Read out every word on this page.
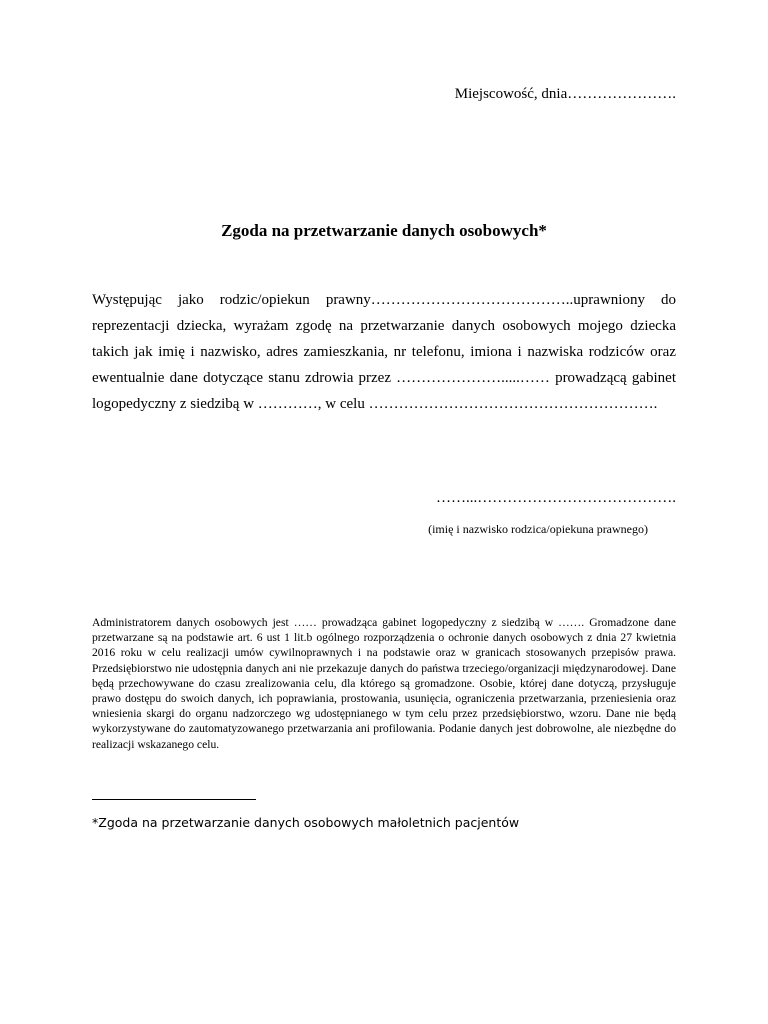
Miejscowość, dnia………………….
Zgoda na przetwarzanie danych osobowych*

Występując jako rodzic/opiekun prawny…………………………………..uprawniony do reprezentacji dziecka, wyrażam zgodę na przetwarzanie danych osobowych mojego dziecka takich jak imię i nazwisko, adres zamieszkania, nr telefonu, imiona i nazwiska rodziców oraz ewentualnie dane dotyczące stanu zdrowia przez ………………….....…… prowadzącą gabinet logopedyczny z siedzibą w …………, w celu ………………………………………………….

……...………………………………….
(imię i nazwisko rodzica/opiekuna prawnego)

Administratorem danych osobowych jest …… prowadząca gabinet logopedyczny z siedzibą w ……. Gromadzone dane przetwarzane są na podstawie art. 6 ust 1 lit.b ogólnego rozporządzenia o ochronie danych osobowych z dnia 27 kwietnia 2016 roku w celu realizacji umów cywilnoprawnych i na podstawie oraz w granicach stosowanych przepisów prawa. Przedsiębiorstwo nie udostępnia danych ani nie przekazuje danych do państwa trzeciego/organizacji międzynarodowej. Dane będą przechowywane do czasu zrealizowania celu, dla którego są gromadzone. Osobie, której dane dotyczą, przysługuje prawo dostępu do swoich danych, ich poprawiania, prostowania, usunięcia, ograniczenia przetwarzania, przeniesienia oraz wniesienia skargi do organu nadzorczego wg udostępnianego w tym celu przez przedsiębiorstwo, wzoru. Dane nie będą wykorzystywane do zautomatyzowanego przetwarzania ani profilowania. Podanie danych jest dobrowolne, ale niezbędne do realizacji wskazanego celu.

*Zgoda na przetwarzanie danych osobowych małoletnich pacjentów
